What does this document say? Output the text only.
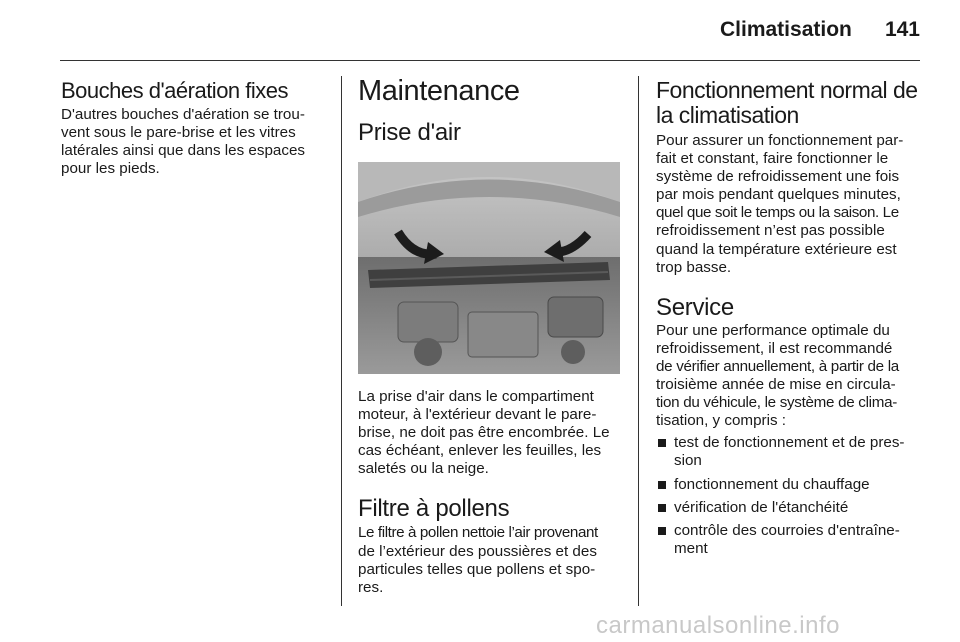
Climatisation	141
Bouches d'aération fixes

D'autres bouches d'aération se trou-
vent sous le pare-brise et les vitres
latérales ainsi que dans les espaces
pour les pieds.

Maintenance
Prise d'air

La prise d'air dans le compartiment
moteur, à l'extérieur devant le pare-
brise, ne doit pas être encombrée. Le
cas échéant, enlever les feuilles, les
saletés ou la neige.

Filtre à pollens

Le filtre à pollen nettoie l’air provenant
de l’extérieur des poussières et des
particules telles que pollens et spo-
res.

Fonctionnement normal de
la climatisation

Pour assurer un fonctionnement par-
fait et constant, faire fonctionner le
système de refroidissement une fois
par mois pendant quelques minutes,
quel que soit le temps ou la saison. Le
refroidissement n’est pas possible
quand la température extérieure est
trop basse.

Service

Pour une performance optimale du
refroidissement, il est recommandé
de vérifier annuellement, à partir de la
troisième année de mise en circula-
tion du véhicule, le système de clima-
tisation, y compris :

test de fonctionnement et de pres-
sion
fonctionnement du chauffage
vérification de l'étanchéité
contrôle des courroies d'entraîne-
ment
carmanualsonline.info
